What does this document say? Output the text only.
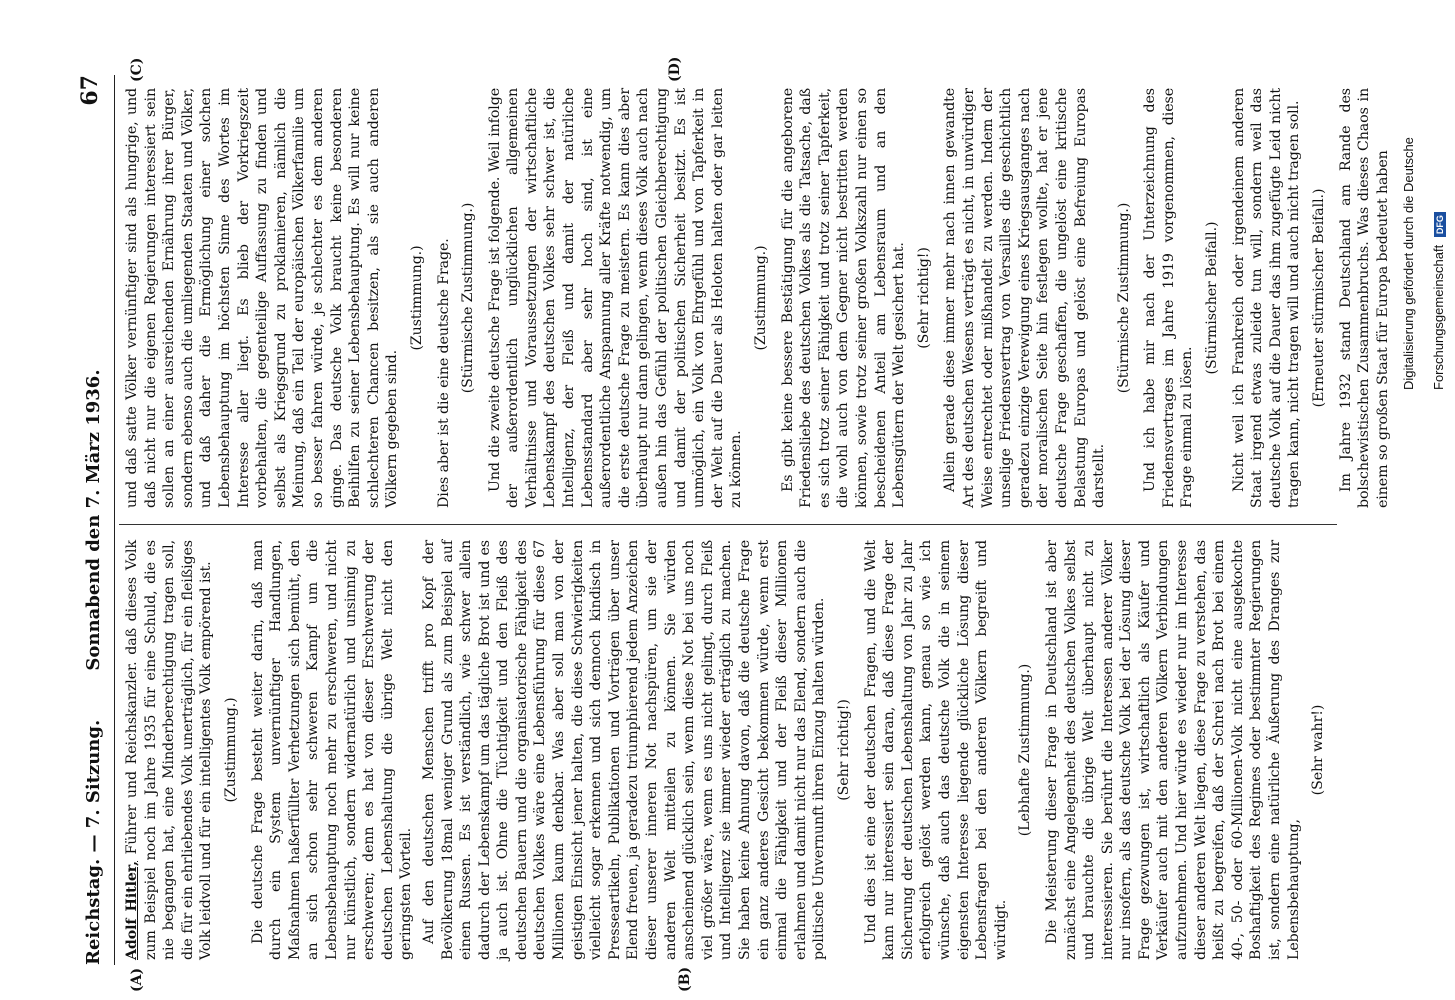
Reichstag. — 7. Sitzung.
Sonnabend den 7. März 1936.
67
(A)	(B)
(C)	(D)

Adolf Hitler, Führer und Reichskanzler. daß dieses Volk zum Beispiel noch im Jahre 1935 für eine Schuld, die es nie begangen hat, eine Minderberechtigung tragen soll, die für ein ehrliebendes Volk unerträglich, für ein fleißiges Volk leidvoll und für ein intelligentes Volk empörend ist. (Zustimmung.) Die deutsche Frage besteht weiter darin, daß man durch ein System unvernünftiger Handlungen, Maßnahmen haßerfüllter Verhetzungen sich bemüht, den an sich schon sehr schweren Kampf um die Lebensbehauptung noch mehr zu erschweren, und nicht nur künstlich, sondern widernatürlich und unsinnig zu erschweren; denn es hat von dieser Erschwerung der deutschen Lebenshaltung die übrige Welt nicht den geringsten Vorteil. Auf den deutschen Menschen trifft pro Kopf der Bevölkerung 18mal weniger Grund als zum Beispiel auf einen Russen. Es ist verständlich, wie schwer allein dadurch der Lebenskampf um das tägliche Brot ist und es ja auch ist. Ohne die Tüchtigkeit und den Fleiß des deutschen Bauern und die organisatorische Fähigkeit des deutschen Volkes wäre eine Lebensführung für diese 67 Millionen kaum denkbar. Was aber soll man von der geistigen Einsicht jener halten, die diese Schwierigkeiten vielleicht sogar erkennen und sich dennoch kindisch in Presseartikeln, Publikationen und Vorträgen über unser Elend freuen, ja geradezu triumphierend jedem Anzeichen dieser unserer inneren Not nachspüren, um sie der anderen Welt mitteilen zu können. Sie würden anscheinend glücklich sein, wenn diese Not bei uns noch viel größer wäre, wenn es uns nicht gelingt, durch Fleiß und Intelligenz sie immer wieder erträglich zu machen. Sie haben keine Ahnung davon, daß die deutsche Frage ein ganz anderes Gesicht bekommen würde, wenn erst einmal die Fähigkeit und der Fleiß dieser Millionen erlahmen und damit nicht nur das Elend, sondern auch die politische Unvernunft ihren Einzug halten würden. (Sehr richtig!) Und dies ist eine der deutschen Fragen, und die Welt kann nur interessiert sein daran, daß diese Frage der Sicherung der deutschen Lebenshaltung von Jahr zu Jahr erfolgreich gelöst werden kann, genau so wie ich wünsche, daß auch das deutsche Volk die in seinem eigensten Interesse liegende glückliche Lösung dieser Lebensfragen bei den anderen Völkern begreift und würdigt.

(Lebhafte Zustimmung.) Die Meisterung dieser Frage in Deutschland ist aber zunächst eine Angelegenheit des deutschen Volkes selbst und brauchte die übrige Welt überhaupt nicht zu interessieren. Sie berührt die Interessen anderer Völker nur insofern, als das deutsche Volk bei der Lösung dieser Frage gezwungen ist, wirtschaftlich als Käufer und Verkäufer auch mit den anderen Völkern Verbindungen aufzunehmen. Und hier würde es wieder nur im Interesse dieser anderen Welt liegen, diese Frage zu verstehen, das heißt zu begreifen, daß der Schrei nach Brot bei einem 40-, 50- oder 60-Millionen-Volk nicht eine ausgekochte Boshaftigkeit des Regimes oder bestimmter Regierungen ist, sondern eine natürliche Äußerung des Dranges zur Lebensbehauptung,

(Sehr wahr!)

und daß satte Völker vernünftiger sind als hungrige, und daß nicht nur die eigenen Regierungen interessiert sein sollen an einer ausreichenden Ernährung ihrer Bürger, sondern ebenso auch die umliegenden Staaten und Völker, und daß daher die Ermöglichung einer solchen Lebensbehauptung im höchsten Sinne des Wortes im Interesse aller liegt. Es blieb der Vorkriegszeit vorbehalten, die gegenteilige Auffassung zu finden und selbst als Kriegsgrund zu proklamieren, nämlich die Meinung, daß ein Teil der europäischen Völkerfamilie um so besser fahren würde, je schlechter es dem anderen ginge. Das deutsche Volk braucht keine besonderen Beihilfen zu seiner Lebensbehauptung. Es will nur keine schlechteren Chancen besitzen, als sie auch anderen Völkern gegeben sind.

(Zustimmung.) Dies aber ist die eine deutsche Frage. (Stürmische Zustimmung.) Und die zweite deutsche Frage ist folgende. Weil infolge der außerordentlich unglücklichen allgemeinen Verhältnisse und Voraussetzungen der wirtschaftliche Lebenskampf des deutschen Volkes sehr schwer ist, die Intelligenz, der Fleiß und damit der natürliche Lebensstandard aber sehr hoch sind, ist eine außerordentliche Anspannung aller Kräfte notwendig, um die erste deutsche Frage zu meistern. Es kann dies aber überhaupt nur dann gelingen, wenn dieses Volk auch nach außen hin das Gefühl der politischen Gleichberechtigung und damit der politischen Sicherheit besitzt. Es ist unmöglich, ein Volk von Ehrgefühl und von Tapferkeit in der Welt auf die Dauer als Heloten halten oder gar leiten zu können.

(Zustimmung.) Es gibt keine bessere Bestätigung für die angeborene Friedensliebe des deutschen Volkes als die Tatsache, daß es sich trotz seiner Fähigkeit und trotz seiner Tapferkeit, die wohl auch von dem Gegner nicht bestritten werden können, sowie trotz seiner großen Volkszahl nur einen so bescheidenen Anteil am Lebensraum und an den Lebensgütern der Welt gesichert hat. (Sehr richtig!) Allein gerade diese immer mehr nach innen gewandte Art des deutschen Wesens verträgt es nicht, in unwürdiger Weise entrechtet oder mißhandelt zu werden. Indem der unselige Friedensvertrag von Versailles die geschichtlich geradezu einzige Verewigung eines Kriegsausganges nach der moralischen Seite hin festlegen wollte, hat er jene deutsche Frage geschaffen, die ungelöst eine kritische Belastung Europas und gelöst eine Befreiung Europas darstellt.

(Stürmische Zustimmung.) Und ich habe mir nach der Unterzeichnung des Friedensvertrages im Jahre 1919 vorgenommen, diese Frage einmal zu lösen.

(Stürmischer Beifall.) Nicht weil ich Frankreich oder irgendeinem anderen Staat irgend etwas zuleide tun will, sondern weil das deutsche Volk auf die Dauer das ihm zugefügte Leid nicht tragen kann, nicht tragen will und auch nicht tragen soll. (Erneuter stürmischer Beifall.) Im Jahre 1932 stand Deutschland am Rande des bolschewistischen Zusammenbruchs. Was dieses Chaos in einem so großen Staat für Europa bedeutet haben Digitalisierung gefördert durch die Deutsche Forschungsgemeinschaft DFG
